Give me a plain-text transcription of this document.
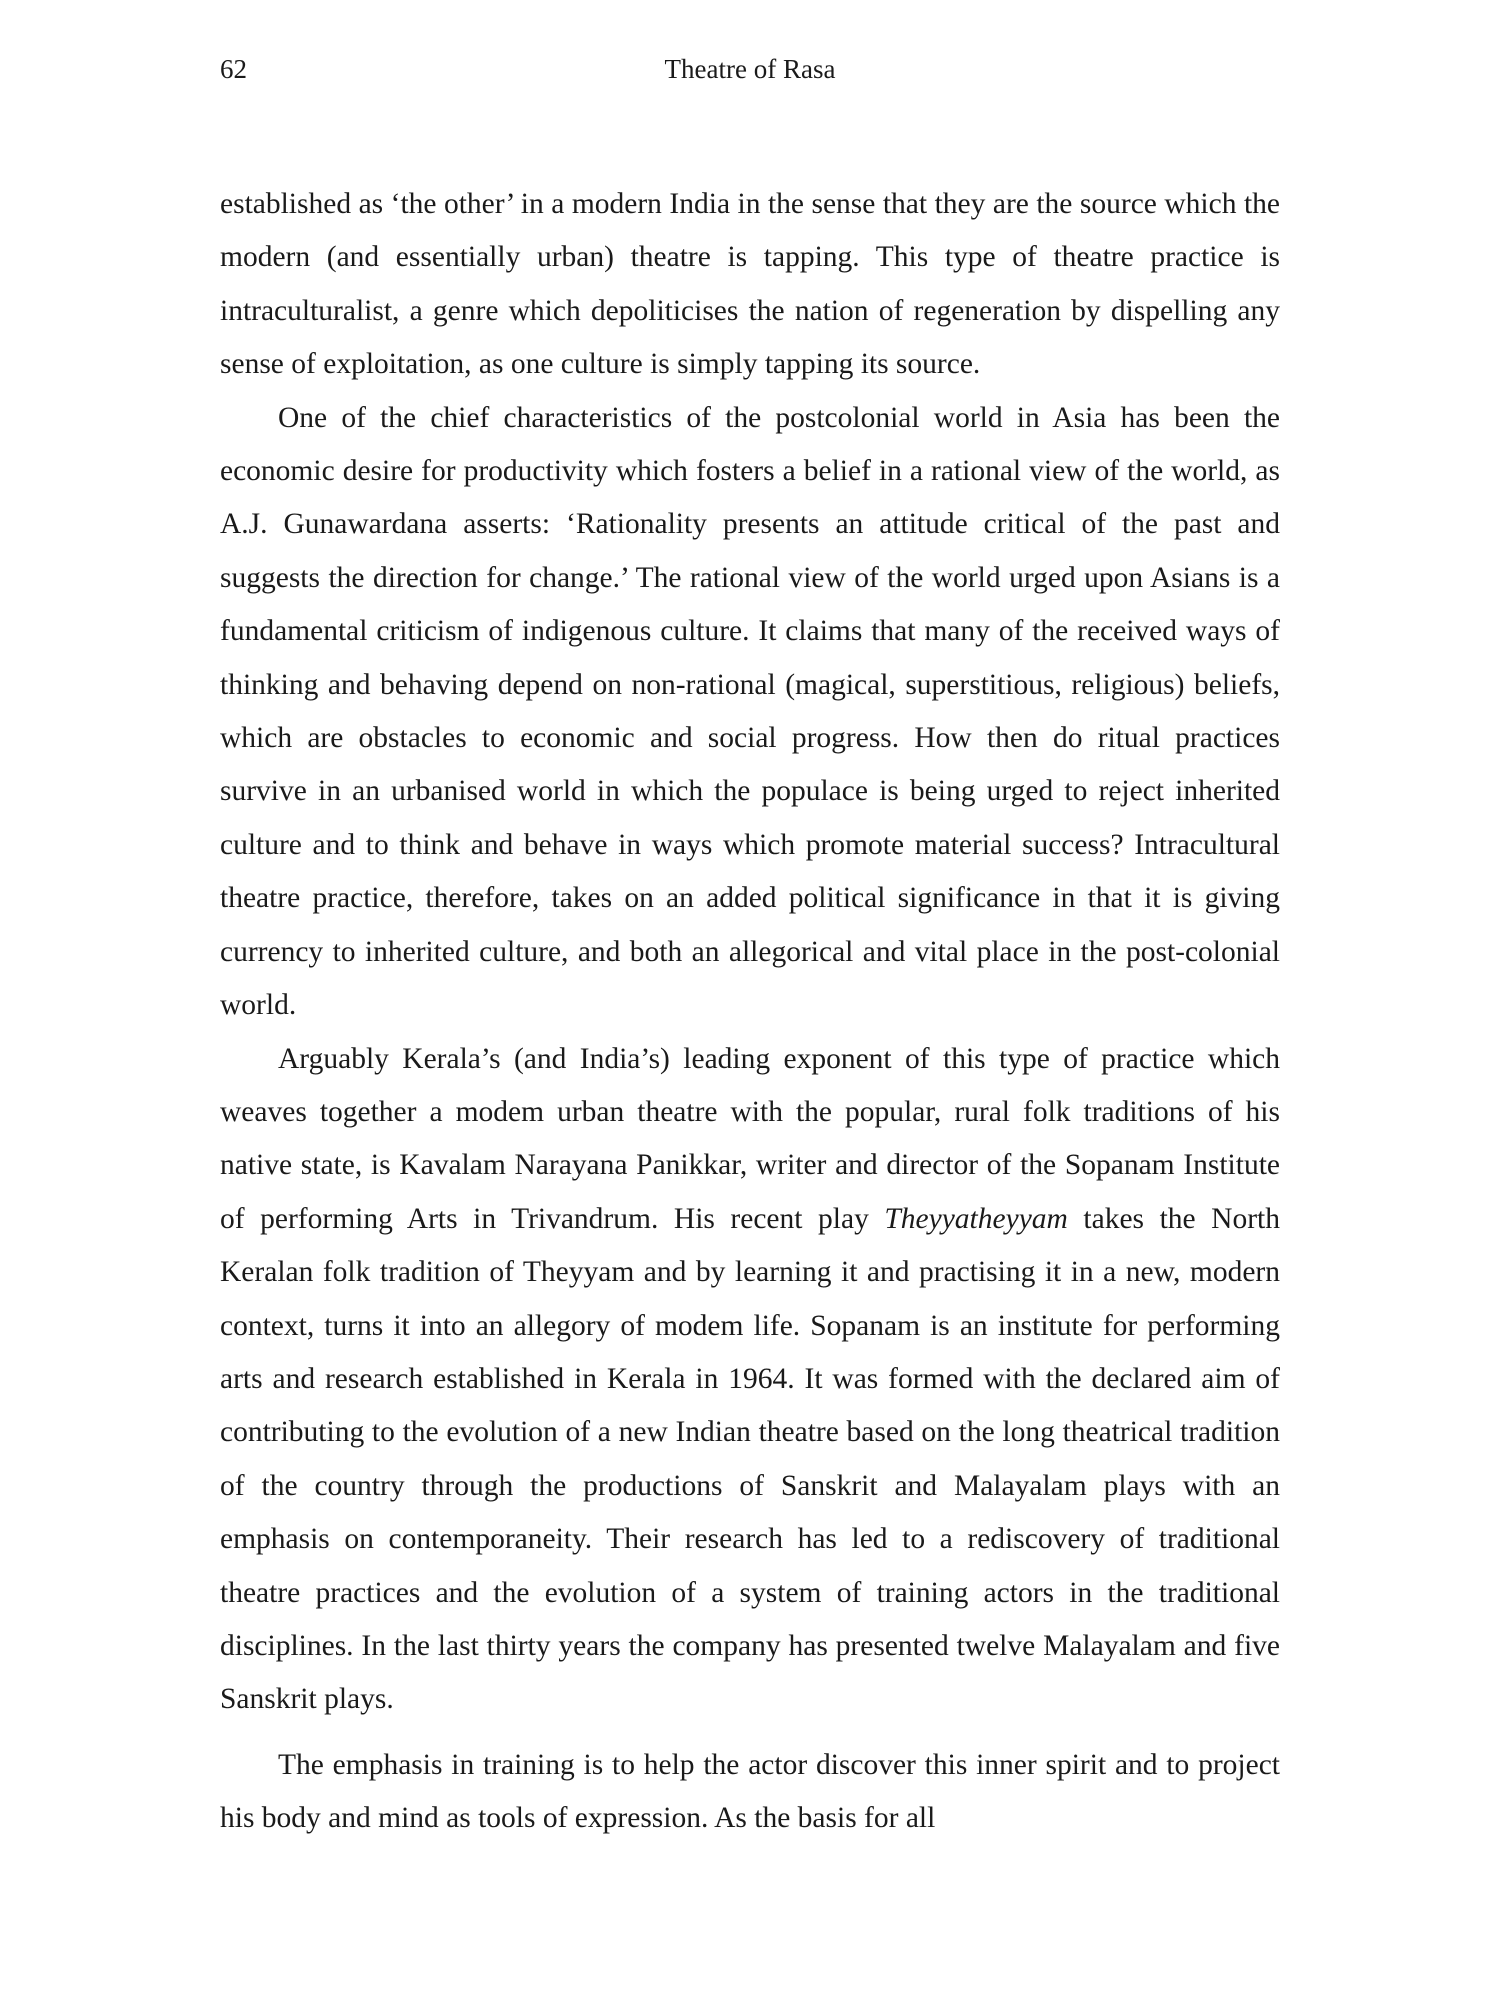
62	Theatre of Rasa

established as ‘the other’ in a modern India in the sense that they are the source which the modern (and essentially urban) theatre is tapping. This type of theatre practice is intraculturalist, a genre which depoliticises the nation of regeneration by dispelling any sense of exploitation, as one culture is simply tapping its source.

One of the chief characteristics of the postcolonial world in Asia has been the economic desire for productivity which fosters a belief in a rational view of the world, as A.J. Gunawardana asserts: ‘Rationality presents an attitude critical of the past and suggests the direction for change.’ The rational view of the world urged upon Asians is a fundamental criticism of indigenous culture. It claims that many of the received ways of thinking and behaving depend on non-rational (magical, superstitious, religious) beliefs, which are obstacles to economic and social progress. How then do ritual practices survive in an urbanised world in which the populace is being urged to reject inherited culture and to think and behave in ways which promote material success? Intracultural theatre practice, therefore, takes on an added political significance in that it is giving currency to inherited culture, and both an allegorical and vital place in the post-colonial world.

Arguably Kerala’s (and India’s) leading exponent of this type of practice which weaves together a modem urban theatre with the popular, rural folk traditions of his native state, is Kavalam Narayana Panikkar, writer and director of the Sopanam Institute of performing Arts in Trivandrum. His recent play Theyyatheyyam takes the North Keralan folk tradition of Theyyam and by learning it and practising it in a new, modern context, turns it into an allegory of modem life. Sopanam is an institute for performing arts and research established in Kerala in 1964. It was formed with the declared aim of contributing to the evolution of a new Indian theatre based on the long theatrical tradition of the country through the productions of Sanskrit and Malayalam plays with an emphasis on contemporaneity. Their research has led to a rediscovery of traditional theatre practices and the evolution of a system of training actors in the traditional disciplines. In the last thirty years the company has presented twelve Malayalam and five Sanskrit plays.

The emphasis in training is to help the actor discover this inner spirit and to project his body and mind as tools of expression. As the basis for all
